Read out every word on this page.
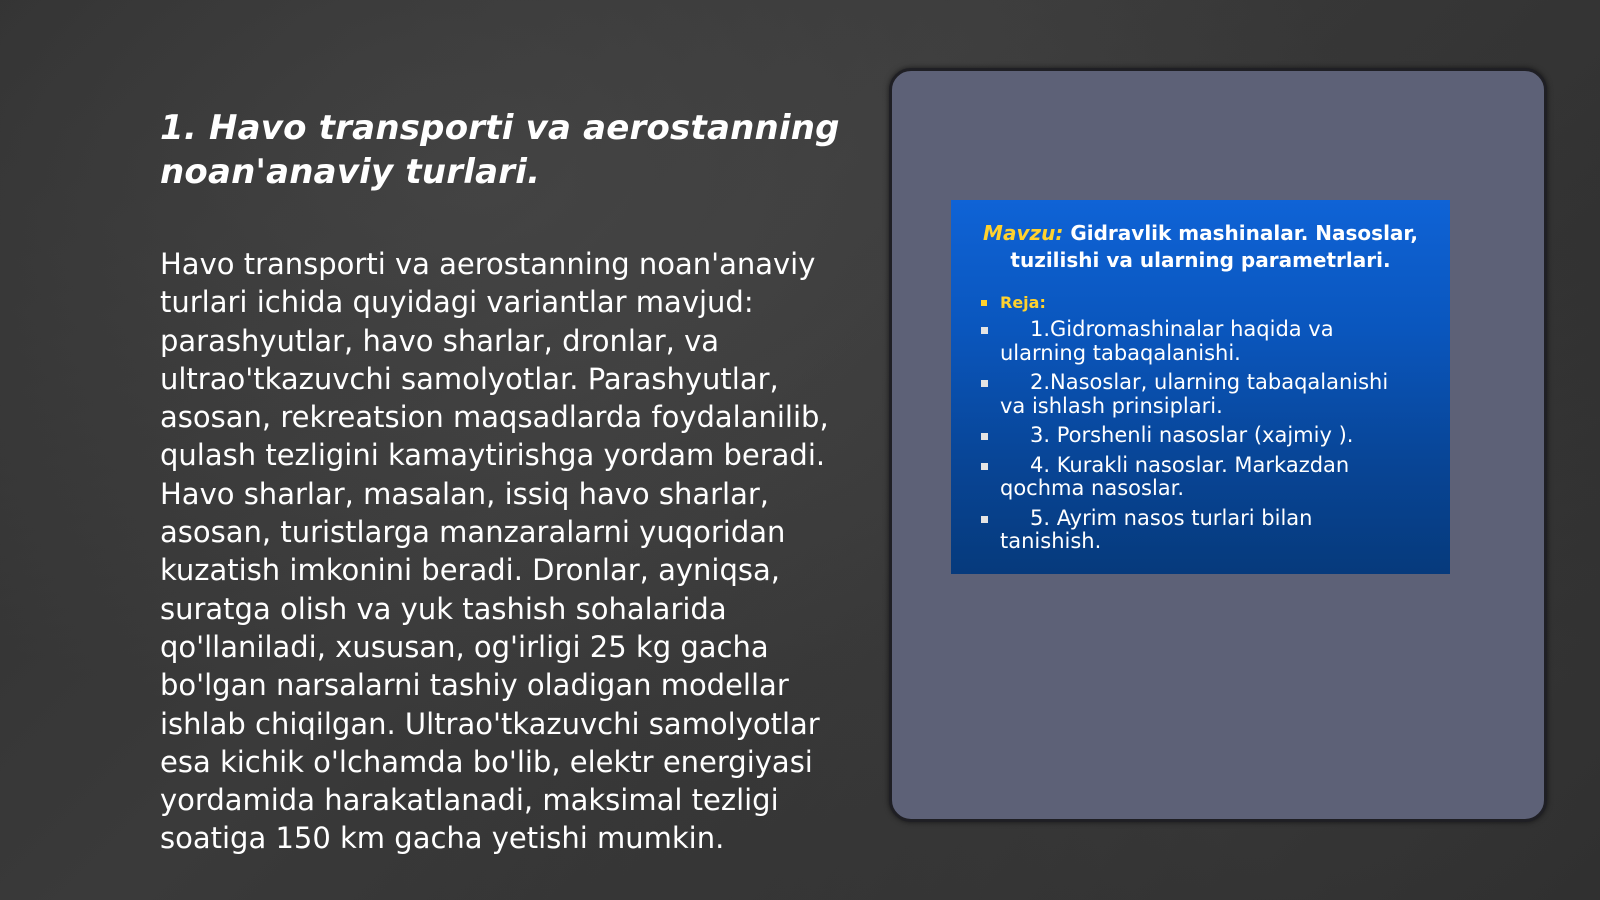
1. Havo transporti va aerostanning noan'anaviy turlari.

Havo transporti va aerostanning noan'anaviy turlari ichida quyidagi variantlar mavjud: parashyutlar, havo sharlar, dronlar, va ultrao'tkazuvchi samolyotlar. Parashyutlar, asosan, rekreatsion maqsadlarda foydalanilib, qulash tezligini kamaytirishga yordam beradi. Havo sharlar, masalan, issiq havo sharlar, asosan, turistlarga manzaralarni yuqoridan kuzatish imkonini beradi. Dronlar, ayniqsa, suratga olish va yuk tashish sohalarida qo'llaniladi, xususan, og'irligi 25 kg gacha bo'lgan narsalarni tashiy oladigan modellar ishlab chiqilgan. Ultrao'tkazuvchi samolyotlar esa kichik o'lchamda bo'lib, elektr energiyasi yordamida harakatlanadi, maksimal tezligi soatiga 150 km gacha yetishi mumkin.

Mavzu: Gidravlik mashinalar. Nasoslar, tuzilishi va ularning parametrlari.
Reja:
1.Gidromashinalar haqida va ularning tabaqalanishi.
2.Nasoslar, ularning tabaqalanishi va ishlash prinsiplari.
3. Porshenli nasoslar (xajmiy ).
4. Kurakli nasoslar. Markazdan qochma nasoslar.
5. Ayrim nasos turlari bilan tanishish.
